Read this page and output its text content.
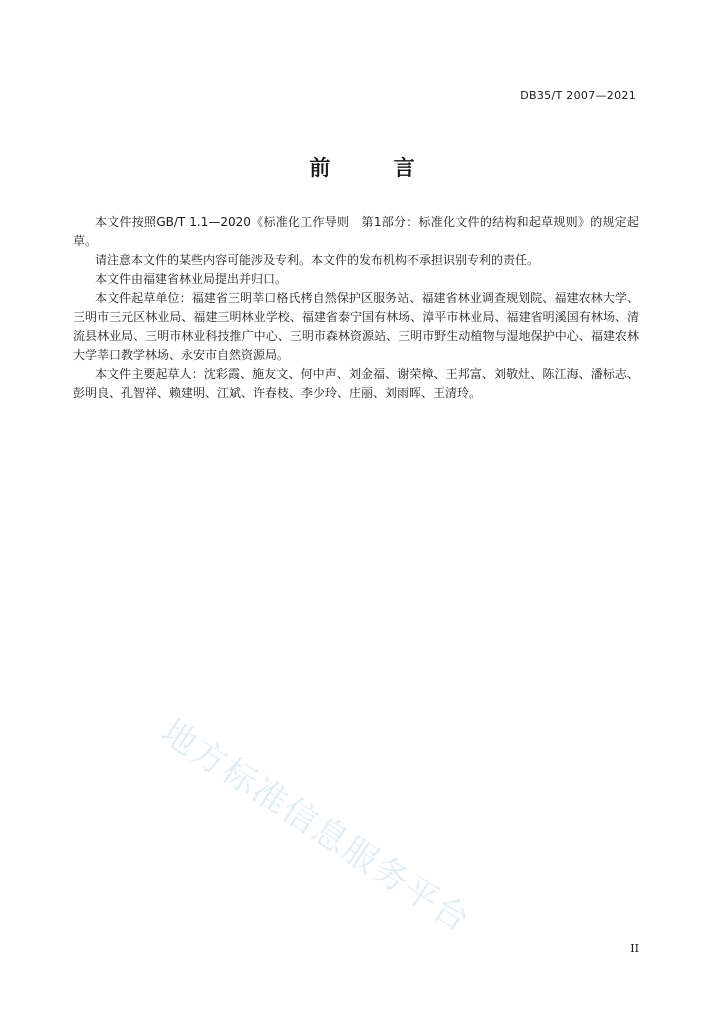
DB35/T 2007—2021
前 言

本文件按照GB/T 1.1—2020《标准化工作导则　第1部分：标准化文件的结构和起草规则》的规定起草。

请注意本文件的某些内容可能涉及专利。本文件的发布机构不承担识别专利的责任。

本文件由福建省林业局提出并归口。

本文件起草单位：福建省三明莘口格氏栲自然保护区服务站、福建省林业调查规划院、福建农林大学、三明市三元区林业局、福建三明林业学校、福建省泰宁国有林场、漳平市林业局、福建省明溪国有林场、清流县林业局、三明市林业科技推广中心、三明市森林资源站、三明市野生动植物与湿地保护中心、福建农林大学莘口教学林场、永安市自然资源局。

本文件主要起草人：沈彩霞、施友文、何中声、刘金福、谢荣樟、王邦富、刘敬灶、陈江海、潘标志、彭明良、孔智祥、赖建明、江斌、许春枝、李少玲、庄丽、刘雨晖、王清玲。

地方标准信息服务平台
II
